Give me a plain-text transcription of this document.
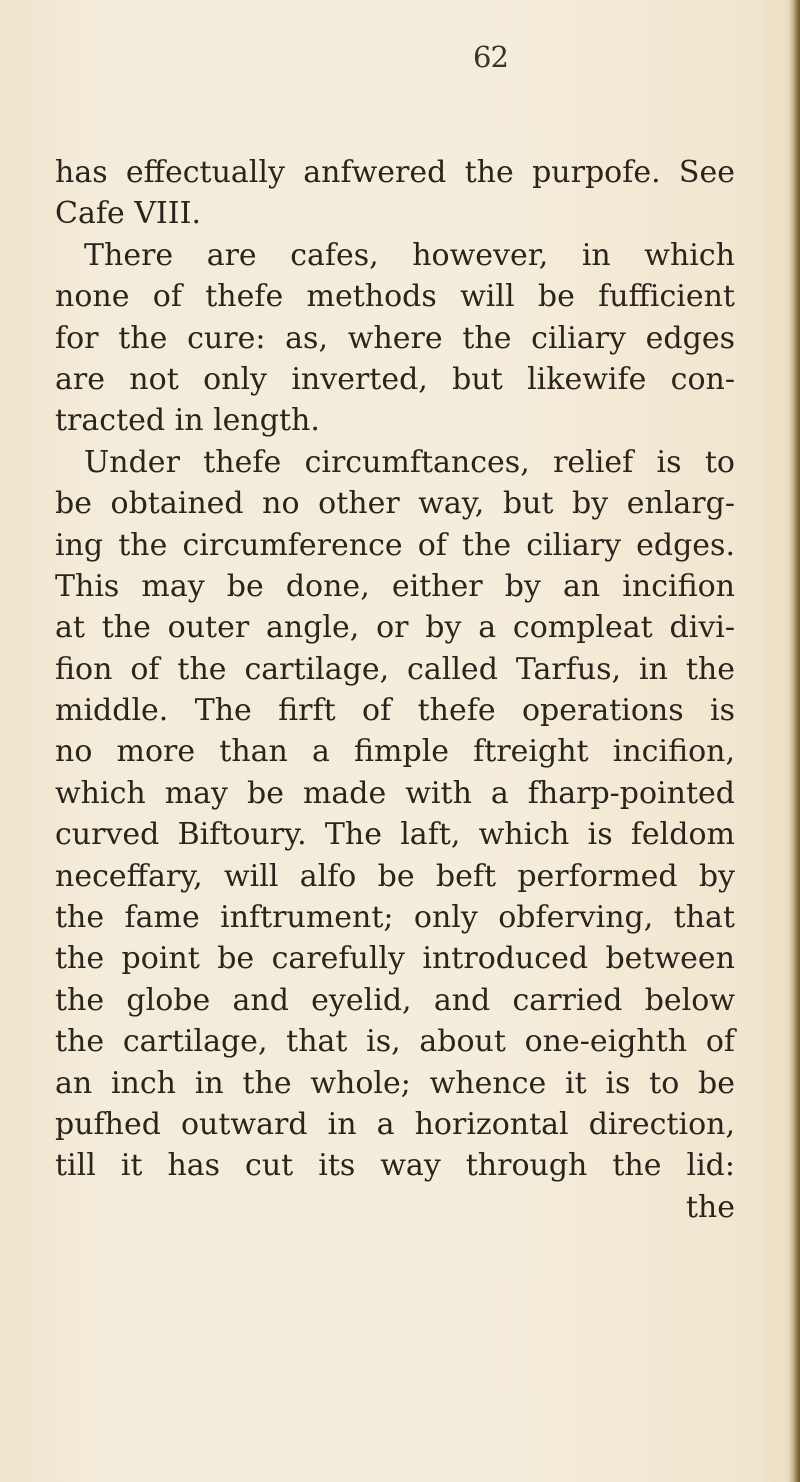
62
has effectually anfwered the purpofe. See
Cafe VIII.
There are cafes, however, in which
none of thefe methods will be fufficient
for the cure: as, where the ciliary edges
are not only inverted, but likewife con-
tracted in length.
Under thefe circumftances, relief is to
be obtained no other way, but by enlarg-
ing the circumference of the ciliary edges.
This may be done, either by an incifion
at the outer angle, or by a compleat divi-
fion of the cartilage, called Tarfus, in the
middle. The firft of thefe operations is
no more than a fimple ftreight incifion,
which may be made with a fharp-pointed
curved Biftoury. The laft, which is feldom
neceffary, will alfo be beft performed by
the fame inftrument; only obferving, that
the point be carefully introduced between
the globe and eyelid, and carried below
the cartilage, that is, about one-eighth of
an inch in the whole; whence it is to be
pufhed outward in a horizontal direction,
till it has cut its way through the lid:
the
